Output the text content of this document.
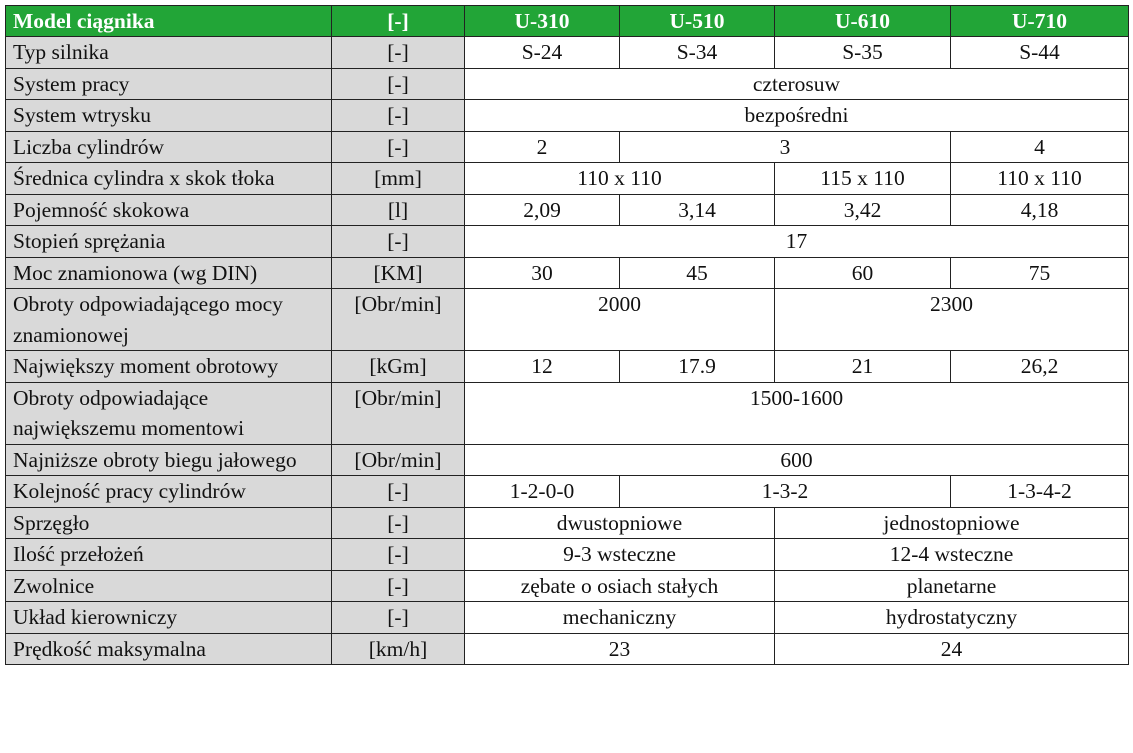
Model ciągnika	[-]	U-310	U-510	U-610	U-710
Typ silnika	[-]	S-24	S-34	S-35	S-44
System pracy	[-]	czterosuw			
System wtrysku	[-]	bezpośredni			
Liczba cylindrów	[-]	2	3		4
Średnica cylindra x skok tłoka	[mm]	110 x 110		115 x 110	110 x 110
Pojemność skokowa	[l]	2,09	3,14	3,42	4,18
Stopień sprężania	[-]	17			
Moc znamionowa (wg DIN)	[KM]	30	45	60	75
Obroty odpowiadającego mocy znamionowej	[Obr/min]	2000		2300	
Największy moment obrotowy	[kGm]	12	17.9	21	26,2
Obroty odpowiadające największemu momentowi	[Obr/min]	1500-1600			
Najniższe obroty biegu jałowego	[Obr/min]	600			
Kolejność pracy cylindrów	[-]	1-2-0-0	1-3-2		1-3-4-2
Sprzęgło	[-]	dwustopniowe		jednostopniowe	
Ilość przełożeń	[-]	9-3 wsteczne		12-4 wsteczne	
Zwolnice	[-]	zębate o osiach stałych		planetarne	
Układ kierowniczy	[-]	mechaniczny		hydrostatyczny	
Prędkość maksymalna	[km/h]	23		24	
